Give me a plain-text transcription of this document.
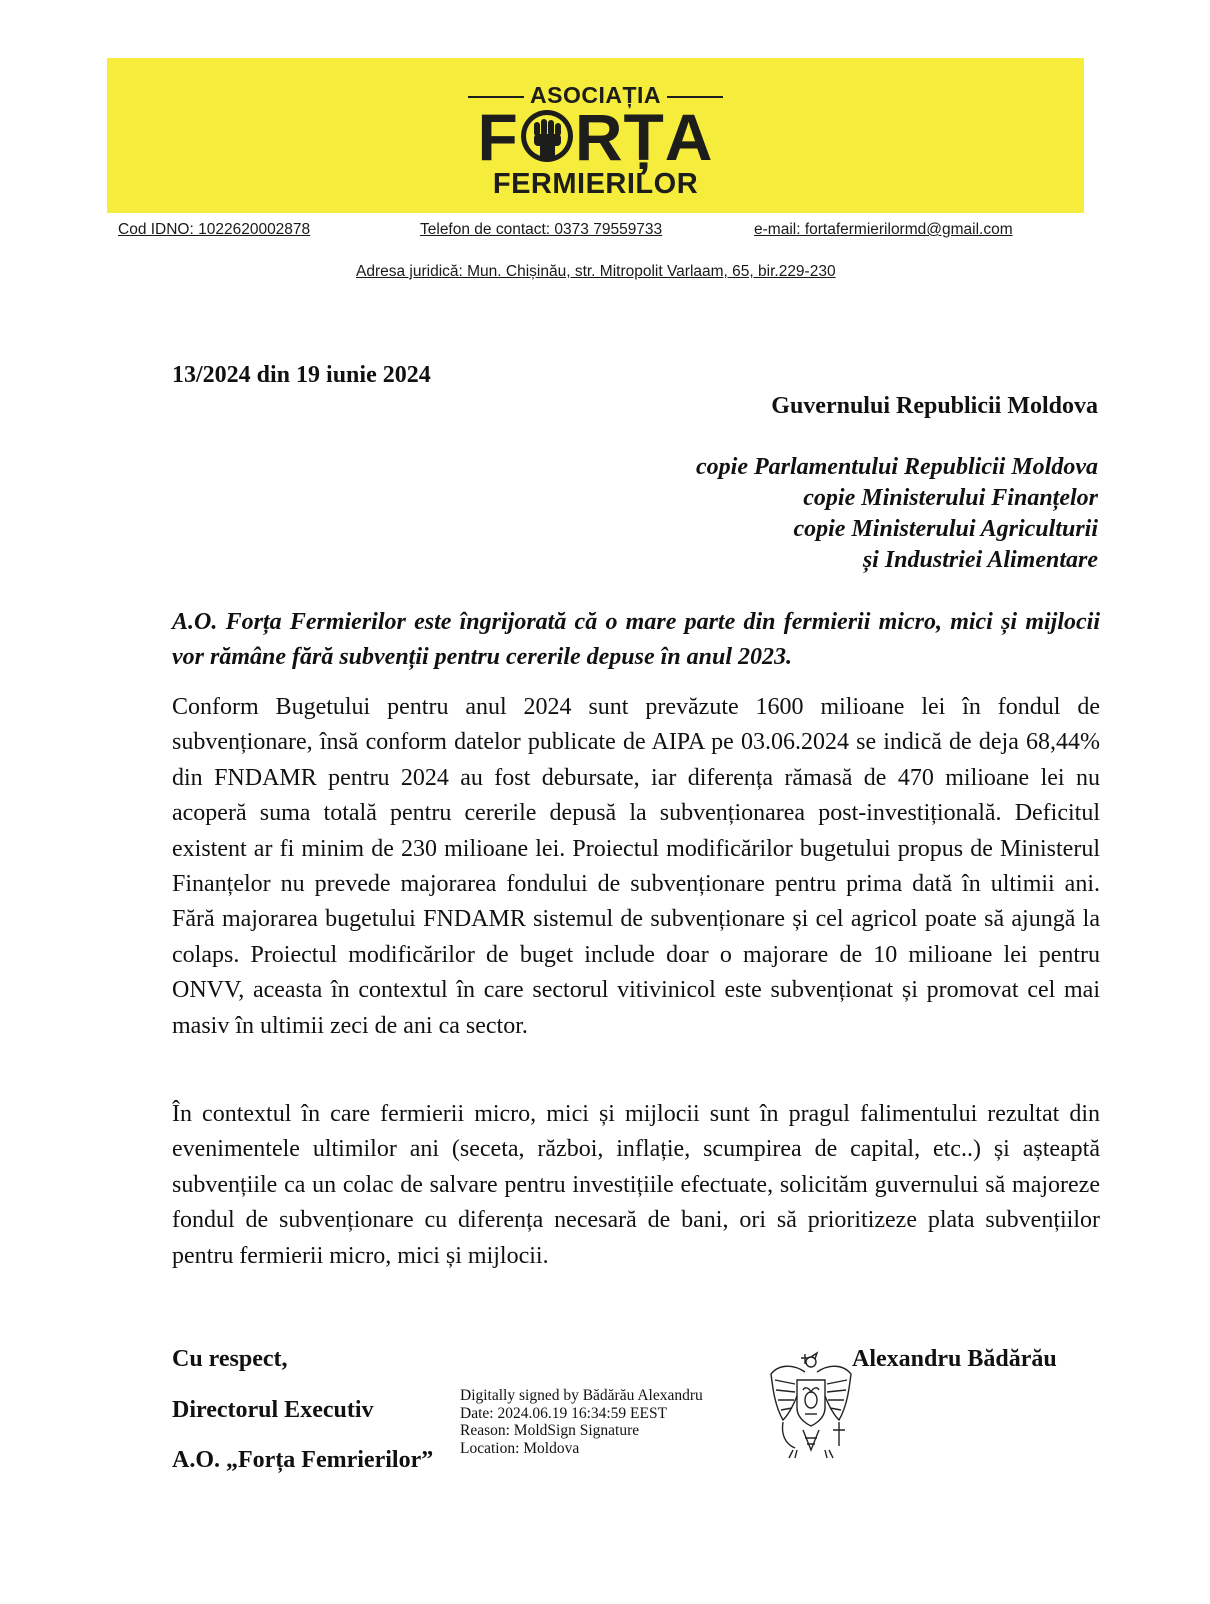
ASOCIAȚIA
F RȚA
FERMIERILOR
Cod IDNO: 1022620002878	Telefon de contact: 0373 79559733	e-mail: fortafermierilormd@gmail.com
Adresa juridică: Mun. Chișinău, str. Mitropolit Varlaam, 65, bir.229-230
13/2024 din 19 iunie 2024
Guvernului Republicii Moldova
copie Parlamentului Republicii Moldova
copie Ministerului Finanțelor
copie Ministerului Agriculturii
și Industriei Alimentare
A.O. Forța Fermierilor este îngrijorată că o mare parte din fermierii micro, mici și mijlocii vor rămâne fără subvenții pentru cererile depuse în anul 2023.
Conform Bugetului pentru anul 2024 sunt prevăzute 1600 milioane lei în fondul de subvenționare, însă conform datelor publicate de AIPA pe 03.06.2024 se indică de deja 68,44% din FNDAMR pentru 2024 au fost debursate, iar diferența rămasă de 470 milioane lei nu acoperă suma totală pentru cererile depusă la subvenționarea post-investițională. Deficitul existent ar fi minim de 230 milioane lei. Proiectul modificărilor bugetului propus de Ministerul Finanțelor nu prevede majorarea fondului de subvenționare pentru prima dată în ultimii ani. Fără majorarea bugetului FNDAMR sistemul de subvenționare și cel agricol poate să ajungă la colaps. Proiectul modificărilor de buget include doar o majorare de 10 milioane lei pentru ONVV, aceasta în contextul în care sectorul vitivinicol este subvenționat și promovat cel mai masiv în ultimii zeci de ani ca sector.
În contextul în care fermierii micro, mici și mijlocii sunt în pragul falimentului rezultat din evenimentele ultimilor ani (seceta, război, inflație, scumpirea de capital, etc..) și așteaptă subvențiile ca un colac de salvare pentru investițiile efectuate, solicităm guvernului să majoreze fondul de subvenționare cu diferența necesară de bani, ori să prioritizeze plata subvențiilor pentru fermierii micro, mici și mijlocii.
Cu respect,
Directorul Executiv
A.O. „Forța Femrierilor”
Alexandru Bădărău
Digitally signed by Bădărău Alexandru
Date: 2024.06.19 16:34:59 EEST
Reason: MoldSign Signature
Location: Moldova
